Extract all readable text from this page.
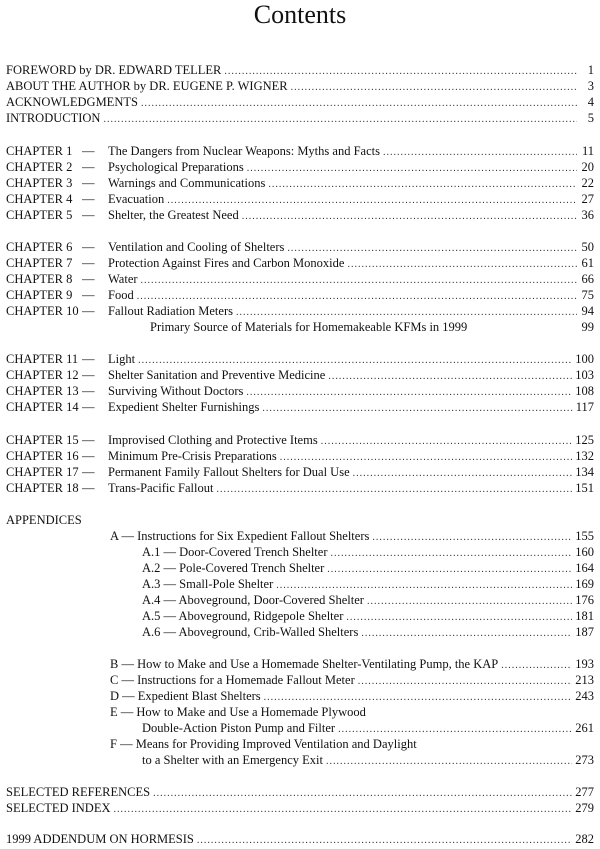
Contents
FOREWORD by DR. EDWARD TELLER .....	1
ABOUT THE AUTHOR by DR. EUGENE P. WIGNER .....	3
ACKNOWLEDGMENTS .....	4
INTRODUCTION .....	5
CHAPTER 1 —	The Dangers from Nuclear Weapons: Myths and Facts .....	11
CHAPTER 2 —	Psychological Preparations .....	20
CHAPTER 3 —	Warnings and Communications .....	22
CHAPTER 4 —	Evacuation .....	27
CHAPTER 5 —	Shelter, the Greatest Need .....	36
CHAPTER 6 —	Ventilation and Cooling of Shelters .....	50
CHAPTER 7 —	Protection Against Fires and Carbon Monoxide .....	61
CHAPTER 8 —	Water .....	66
CHAPTER 9 —	Food .....	75
CHAPTER 10 —	Fallout Radiation Meters .....	94
Primary Source of Materials for Homemakeable KFMs in 1999	99
CHAPTER 11 —	Light .....	100
CHAPTER 12 —	Shelter Sanitation and Preventive Medicine .....	103
CHAPTER 13 —	Surviving Without Doctors .....	108
CHAPTER 14 —	Expedient Shelter Furnishings .....	117
CHAPTER 15 —	Improvised Clothing and Protective Items .....	125
CHAPTER 16 —	Minimum Pre-Crisis Preparations .....	132
CHAPTER 17 —	Permanent Family Fallout Shelters for Dual Use .....	134
CHAPTER 18 —	Trans-Pacific Fallout .....	151
APPENDICES
A — Instructions for Six Expedient Fallout Shelters .....	155
A.1 — Door-Covered Trench Shelter .....	160
A.2 — Pole-Covered Trench Shelter .....	164
A.3 — Small-Pole Shelter .....	169
A.4 — Aboveground, Door-Covered Shelter .....	176
A.5 — Aboveground, Ridgepole Shelter .....	181
A.6 — Aboveground, Crib-Walled Shelters .....	187
B — How to Make and Use a Homemade Shelter-Ventilating Pump, the KAP .....	193
C — Instructions for a Homemade Fallout Meter .....	213
D — Expedient Blast Shelters .....	243
E — How to Make and Use a Homemade Plywood
Double-Action Piston Pump and Filter .....	261
F — Means for Providing Improved Ventilation and Daylight
to a Shelter with an Emergency Exit .....	273
SELECTED REFERENCES .....	277
SELECTED INDEX .....	279
1999 ADDENDUM ON HORMESIS .....	282
